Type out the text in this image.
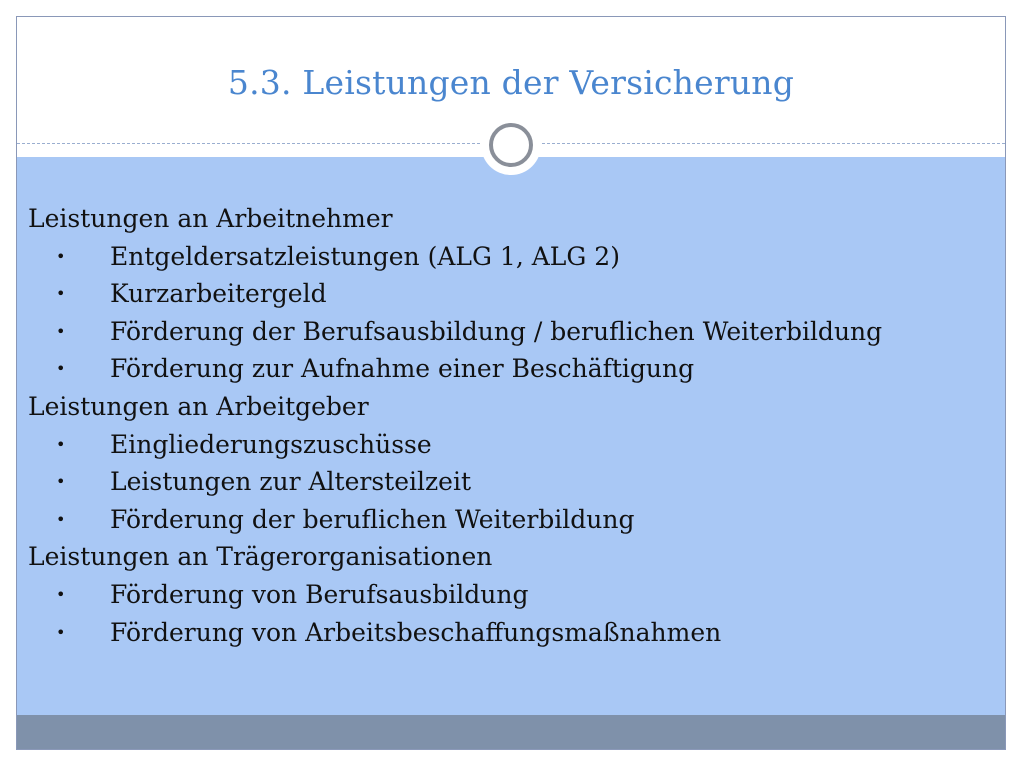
5.3. Leistungen der Versicherung
Leistungen an Arbeitnehmer
• Entgeldersatzleistungen (ALG 1, ALG 2)
• Kurzarbeitergeld
• Förderung der Berufsausbildung / beruflichen Weiterbildung
• Förderung zur Aufnahme einer Beschäftigung
Leistungen an Arbeitgeber
• Eingliederungszuschüsse
• Leistungen zur Altersteilzeit
• Förderung der beruflichen Weiterbildung
Leistungen an Trägerorganisationen
• Förderung von Berufsausbildung
• Förderung von Arbeitsbeschaffungsmaßnahmen
